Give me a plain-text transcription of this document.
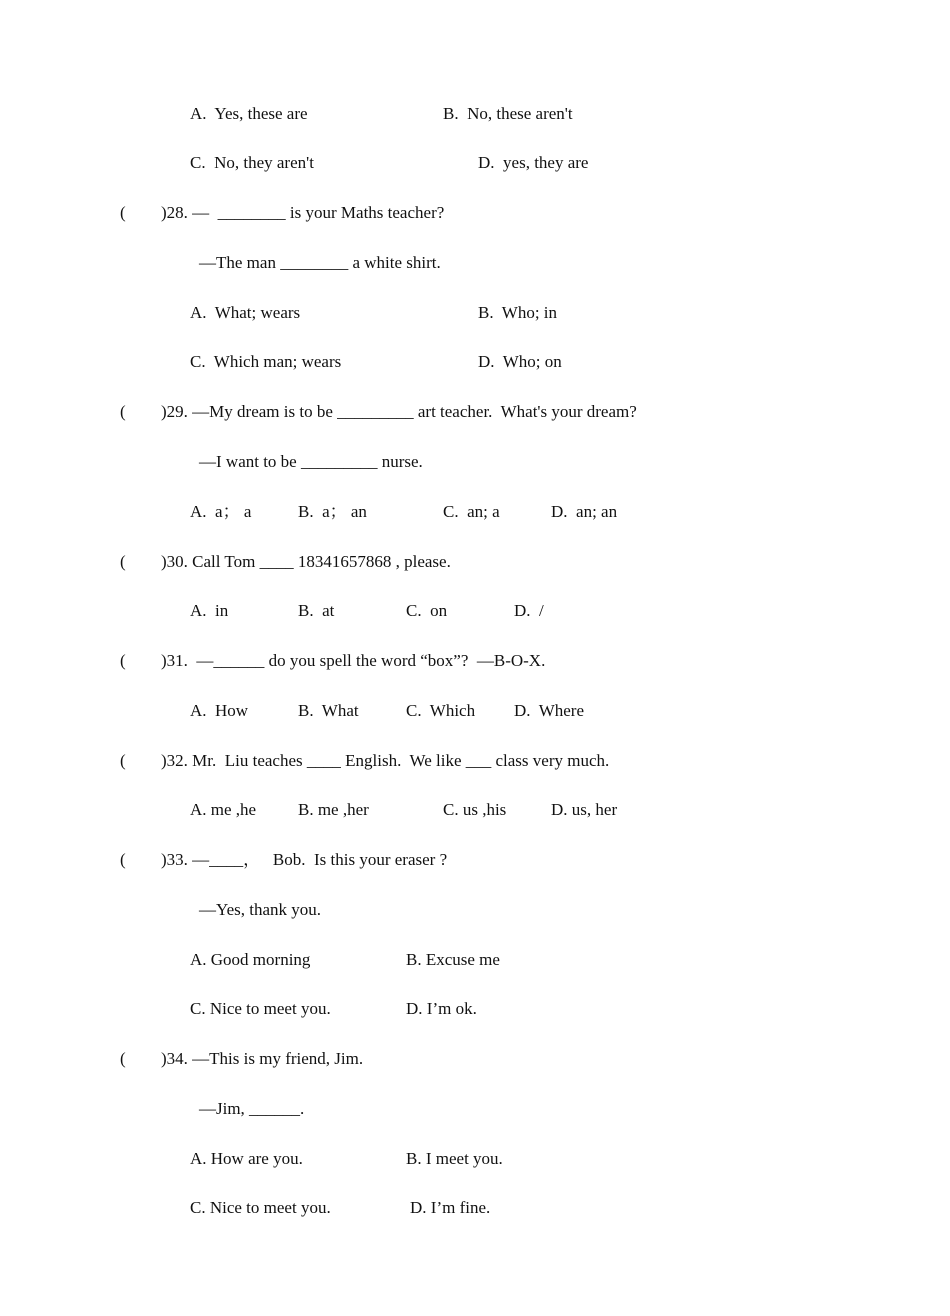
A.  Yes, these are	B.  No, these aren't
C.  No, they aren't	D.  yes, they are
( )28. —  ________ is your Maths teacher?
—The man ________ a white shirt.
A.  What; wears	B.  Who; in
C.  Which man; wears	D.  Who; on
( )29. —My dream is to be _________ art teacher.  What's your dream?
—I want to be _________ nurse.
A.  a； a	B.  a； an	C.  an; a	D.  an; an
( )30. Call Tom ____ 18341657868 , please.
A.  in	B.  at	C.  on	D.  /
( )31.  —______ do you spell the word “box”?  —B-O-X.
A.  How	B.  What	C.  Which D.  Where
( )32. Mr.  Liu teaches ____ English.  We like ___ class very much.
A. me ,he B. me ,her	C. us ,his	D. us, her
( )33. —____，   Bob.  Is this your eraser ?
—Yes, thank you.
A. Good morning	B. Excuse me
C. Nice to meet you.	D. I’m ok.
( )34. —This is my friend, Jim.
—Jim, ______.
A. How are you.	B. I meet you.
C. Nice to meet you.	D. I’m fine.
